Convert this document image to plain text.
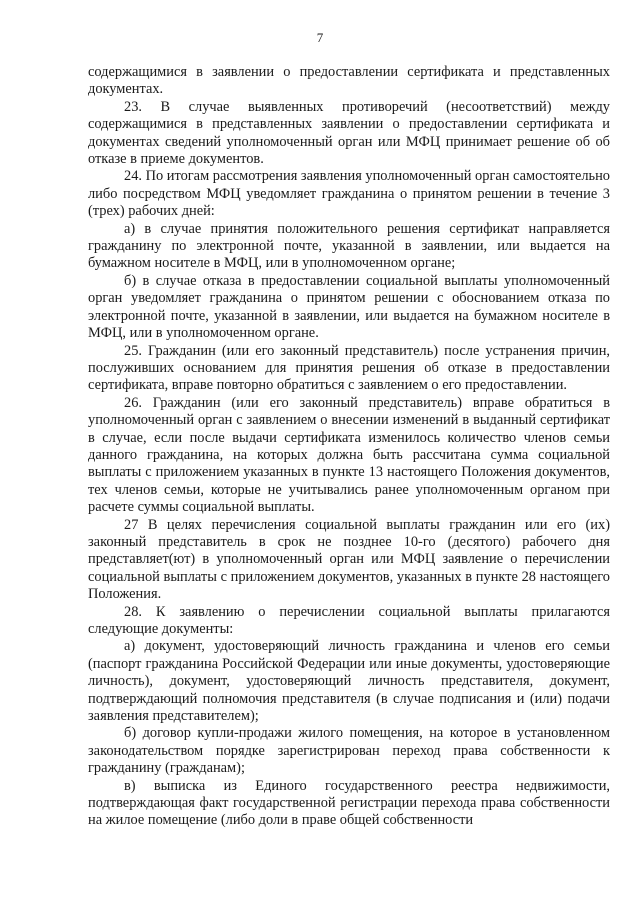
7

содержащимися в заявлении о предоставлении сертификата и представленных документах.

23. В случае выявленных противоречий (несоответствий) между содержащимися в представленных заявлении о предоставлении сертификата и документах сведений уполномоченный орган или МФЦ принимает решение об об отказе в приеме документов.

24. По итогам рассмотрения заявления уполномоченный орган самостоятельно либо посредством МФЦ уведомляет гражданина о принятом решении в течение 3 (трех) рабочих дней:

а) в случае принятия положительного решения сертификат направляется гражданину по электронной почте, указанной в заявлении, или выдается на бумажном носителе в МФЦ, или в уполномоченном органе;

б) в случае отказа в предоставлении социальной выплаты уполномоченный орган уведомляет гражданина о принятом решении с обоснованием отказа по электронной почте, указанной в заявлении, или выдается на бумажном носителе в МФЦ, или в уполномоченном органе.

25. Гражданин (или его законный представитель) после устранения причин, послуживших основанием для принятия решения об отказе в предоставлении сертификата, вправе повторно обратиться с заявлением о его предоставлении.

26. Гражданин (или его законный представитель) вправе обратиться в уполномоченный орган с заявлением о внесении изменений в выданный сертификат в случае, если после выдачи сертификата изменилось количество членов семьи данного гражданина, на которых должна быть рассчитана сумма социальной выплаты с приложением указанных в пункте 13 настоящего Положения документов, тех членов семьи, которые не учитывались ранее уполномоченным органом при расчете суммы социальной выплаты.

27 В целях перечисления социальной выплаты гражданин или его (их) законный представитель в срок не позднее 10-го (десятого) рабочего дня представляет(ют) в уполномоченный орган или МФЦ заявление о перечислении социальной выплаты с приложением документов, указанных в пункте 28 настоящего Положения.

28. К заявлению о перечислении социальной выплаты прилагаются следующие документы:

а) документ, удостоверяющий личность гражданина и членов его семьи (паспорт гражданина Российской Федерации или иные документы, удостоверяющие личность), документ, удостоверяющий личность представителя, документ, подтверждающий полномочия представителя (в случае подписания и (или) подачи заявления представителем);

б) договор купли-продажи жилого помещения, на которое в установленном законодательством порядке зарегистрирован переход права собственности к гражданину (гражданам);

в) выписка из Единого государственного реестра недвижимости, подтверждающая факт государственной регистрации перехода права собственности на жилое помещение (либо доли в праве общей собственности
